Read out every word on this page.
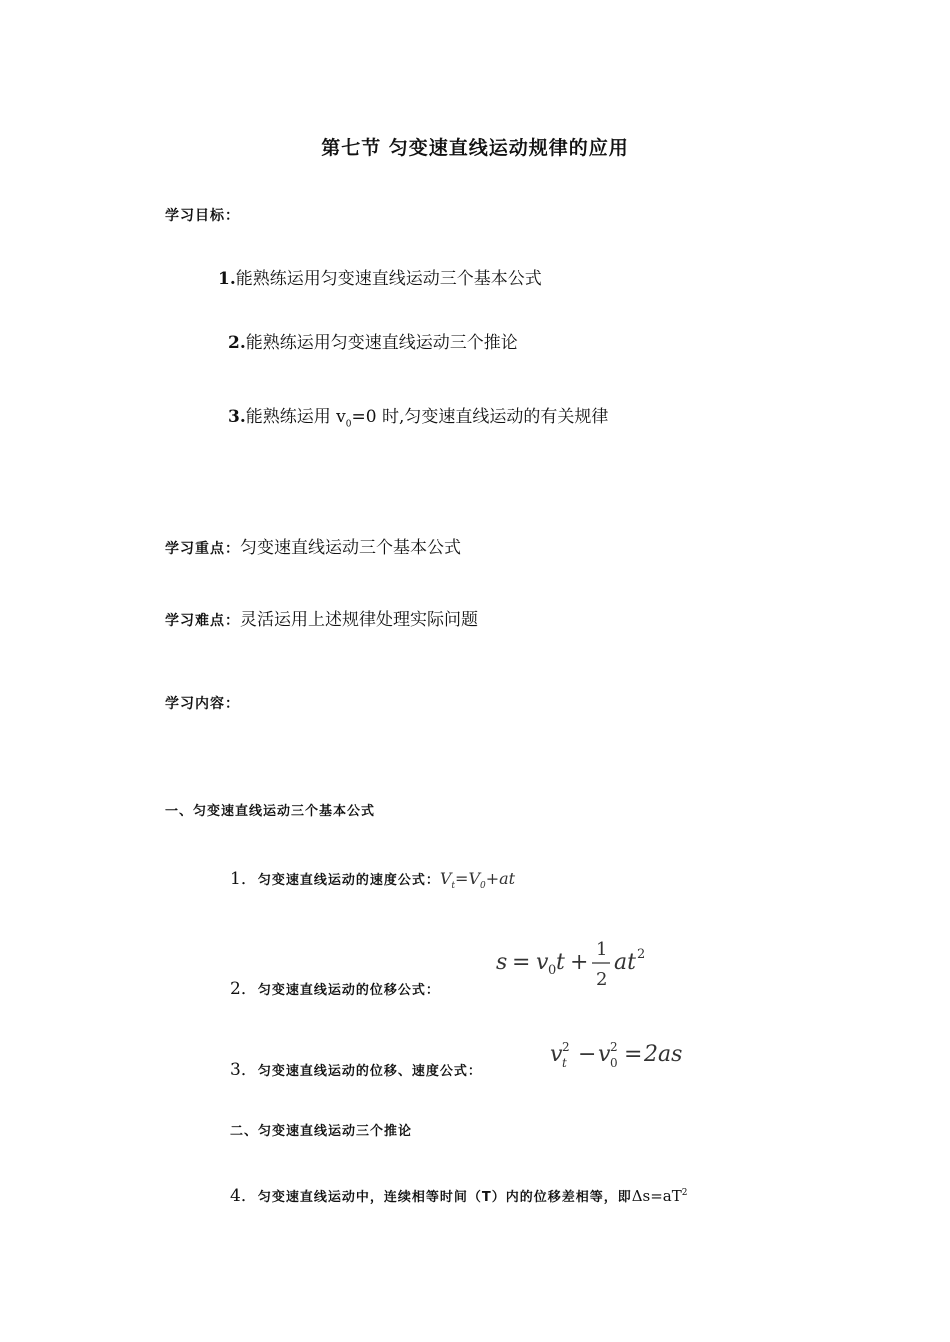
第七节 匀变速直线运动规律的应用
学习目标：
1.能熟练运用匀变速直线运动三个基本公式
2.能熟练运用匀变速直线运动三个推论
3.能熟练运用 $v_0=0$ 时,匀变速直线运动的有关规律
学习重点：匀变速直线运动三个基本公式
学习难点：灵活运用上述规律处理实际问题
学习内容：
一、匀变速直线运动三个基本公式
1．匀变速直线运动的速度公式：$V_t=V_0+at$
2．匀变速直线运动的位移公式：
s = v 0 t +
1
2
at 2
3．匀变速直线运动的位移、速度公式：
v 2
t − v 2
0 = 2as
二、匀变速直线运动三个推论
4．匀变速直线运动中，连续相等时间（T）内的位移差相等，即$\Delta s=aT^2$
